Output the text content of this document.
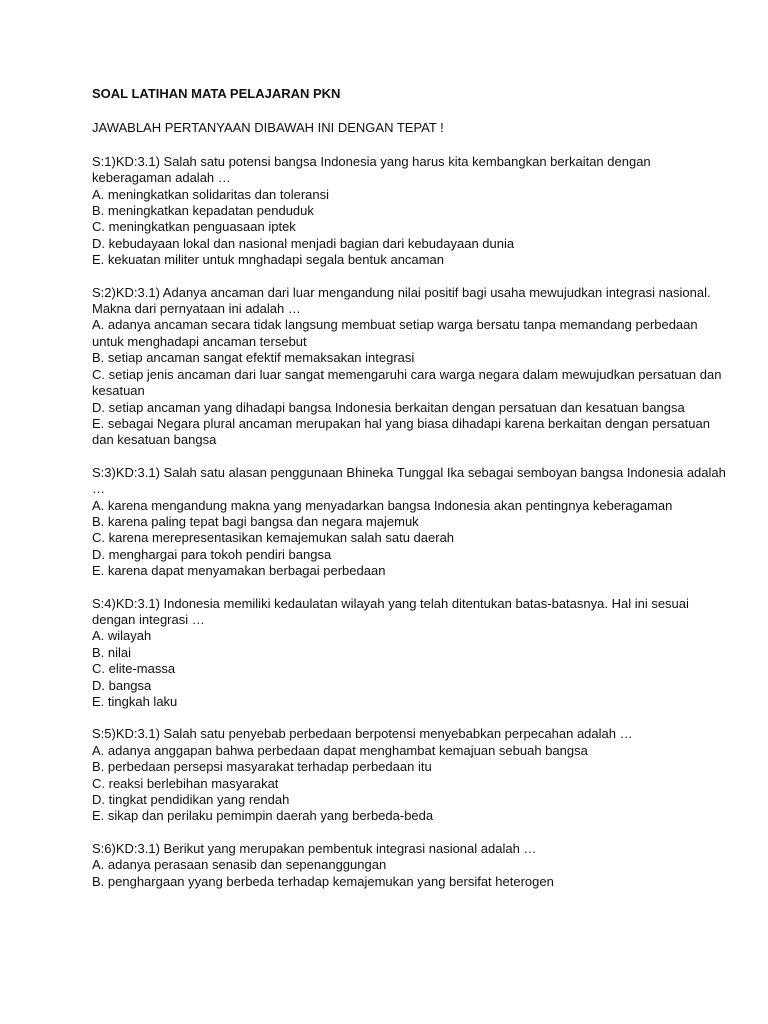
SOAL LATIHAN MATA PELAJARAN PKN

JAWABLAH PERTANYAAN DIBAWAH INI DENGAN TEPAT !

S:1)KD:3.1) Salah satu potensi bangsa Indonesia yang harus kita kembangkan berkaitan dengan keberagaman adalah …

A. meningkatkan solidaritas dan toleransi
B. meningkatkan kepadatan penduduk
C. meningkatkan penguasaan iptek
D. kebudayaan lokal dan nasional menjadi bagian dari kebudayaan dunia
E. kekuatan militer untuk mnghadapi segala bentuk ancaman

S:2)KD:3.1) Adanya ancaman dari luar mengandung nilai positif bagi usaha mewujudkan integrasi nasional. Makna dari pernyataan ini adalah …

A. adanya ancaman secara tidak langsung membuat setiap warga bersatu tanpa memandang perbedaan untuk menghadapi ancaman tersebut
B. setiap ancaman sangat efektif memaksakan integrasi
C. setiap jenis ancaman dari luar sangat memengaruhi cara warga negara dalam mewujudkan persatuan dan kesatuan
D. setiap ancaman yang dihadapi bangsa Indonesia berkaitan dengan persatuan dan kesatuan bangsa
E. sebagai Negara plural ancaman merupakan hal yang biasa dihadapi karena berkaitan dengan persatuan dan kesatuan bangsa

S:3)KD:3.1) Salah satu alasan penggunaan Bhineka Tunggal Ika sebagai semboyan bangsa Indonesia adalah …

A. karena mengandung makna yang menyadarkan bangsa Indonesia akan pentingnya keberagaman
B. karena paling tepat bagi bangsa dan negara majemuk
C. karena merepresentasikan kemajemukan salah satu daerah
D. menghargai para tokoh pendiri bangsa
E. karena dapat menyamakan berbagai perbedaan

S:4)KD:3.1) Indonesia memiliki kedaulatan wilayah yang telah ditentukan batas-batasnya. Hal ini sesuai dengan integrasi …

A. wilayah
B. nilai
C. elite-massa
D. bangsa
E. tingkah laku

S:5)KD:3.1) Salah satu penyebab perbedaan berpotensi menyebabkan perpecahan adalah …

A. adanya anggapan bahwa perbedaan dapat menghambat kemajuan sebuah bangsa
B. perbedaan persepsi masyarakat terhadap perbedaan itu
C. reaksi berlebihan masyarakat
D. tingkat pendidikan yang rendah
E. sikap dan perilaku pemimpin daerah yang berbeda-beda

S:6)KD:3.1) Berikut yang merupakan pembentuk integrasi nasional adalah …

A. adanya perasaan senasib dan sepenanggungan
B. penghargaan yyang berbeda terhadap kemajemukan yang bersifat heterogen
